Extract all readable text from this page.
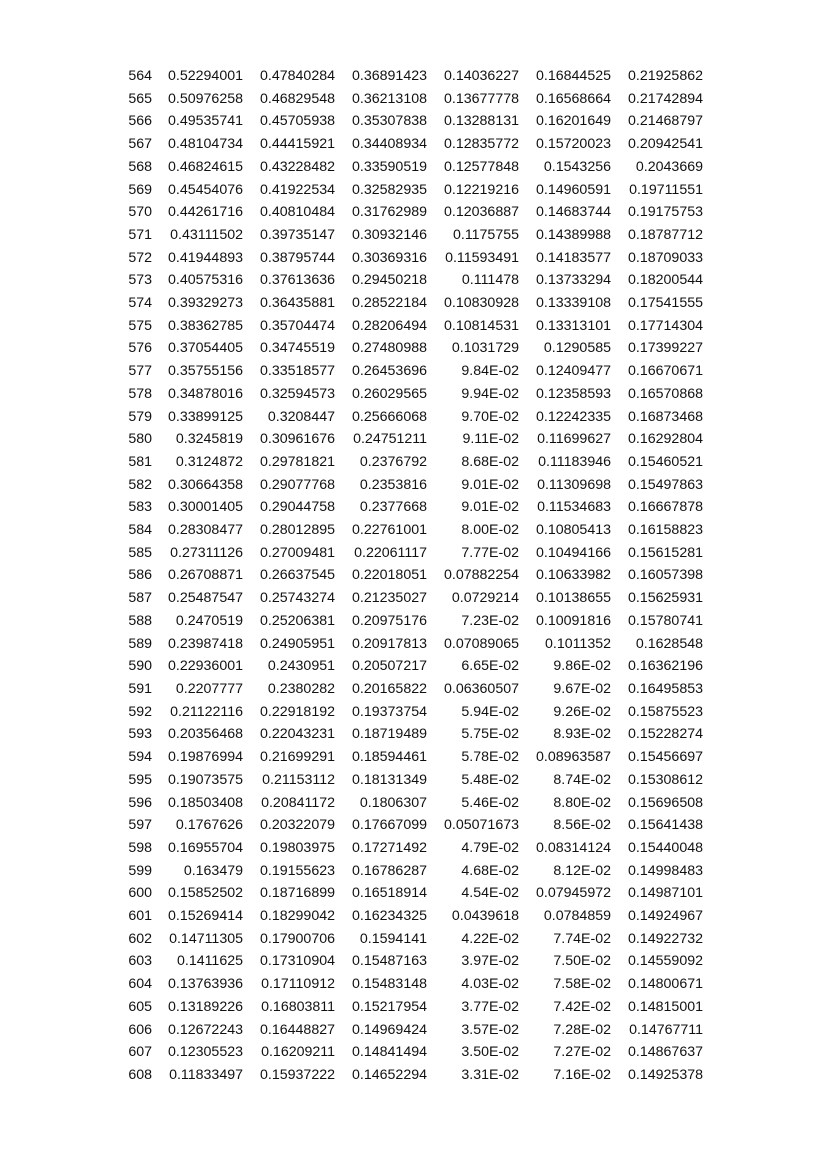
564	0.52294001	0.47840284	0.36891423	0.14036227	0.16844525	0.21925862
565	0.50976258	0.46829548	0.36213108	0.13677778	0.16568664	0.21742894
566	0.49535741	0.45705938	0.35307838	0.13288131	0.16201649	0.21468797
567	0.48104734	0.44415921	0.34408934	0.12835772	0.15720023	0.20942541
568	0.46824615	0.43228482	0.33590519	0.12577848	0.1543256	0.2043669
569	0.45454076	0.41922534	0.32582935	0.12219216	0.14960591	0.19711551
570	0.44261716	0.40810484	0.31762989	0.12036887	0.14683744	0.19175753
571	0.43111502	0.39735147	0.30932146	0.1175755	0.14389988	0.18787712
572	0.41944893	0.38795744	0.30369316	0.11593491	0.14183577	0.18709033
573	0.40575316	0.37613636	0.29450218	0.111478	0.13733294	0.18200544
574	0.39329273	0.36435881	0.28522184	0.10830928	0.13339108	0.17541555
575	0.38362785	0.35704474	0.28206494	0.10814531	0.13313101	0.17714304
576	0.37054405	0.34745519	0.27480988	0.1031729	0.1290585	0.17399227
577	0.35755156	0.33518577	0.26453696	9.84E-02	0.12409477	0.16670671
578	0.34878016	0.32594573	0.26029565	9.94E-02	0.12358593	0.16570868
579	0.33899125	0.3208447	0.25666068	9.70E-02	0.12242335	0.16873468
580	0.3245819	0.30961676	0.24751211	9.11E-02	0.11699627	0.16292804
581	0.3124872	0.29781821	0.2376792	8.68E-02	0.11183946	0.15460521
582	0.30664358	0.29077768	0.2353816	9.01E-02	0.11309698	0.15497863
583	0.30001405	0.29044758	0.2377668	9.01E-02	0.11534683	0.16667878
584	0.28308477	0.28012895	0.22761001	8.00E-02	0.10805413	0.16158823
585	0.27311126	0.27009481	0.22061117	7.77E-02	0.10494166	0.15615281
586	0.26708871	0.26637545	0.22018051	0.07882254	0.10633982	0.16057398
587	0.25487547	0.25743274	0.21235027	0.0729214	0.10138655	0.15625931
588	0.2470519	0.25206381	0.20975176	7.23E-02	0.10091816	0.15780741
589	0.23987418	0.24905951	0.20917813	0.07089065	0.1011352	0.1628548
590	0.22936001	0.2430951	0.20507217	6.65E-02	9.86E-02	0.16362196
591	0.2207777	0.2380282	0.20165822	0.06360507	9.67E-02	0.16495853
592	0.21122116	0.22918192	0.19373754	5.94E-02	9.26E-02	0.15875523
593	0.20356468	0.22043231	0.18719489	5.75E-02	8.93E-02	0.15228274
594	0.19876994	0.21699291	0.18594461	5.78E-02	0.08963587	0.15456697
595	0.19073575	0.21153112	0.18131349	5.48E-02	8.74E-02	0.15308612
596	0.18503408	0.20841172	0.1806307	5.46E-02	8.80E-02	0.15696508
597	0.1767626	0.20322079	0.17667099	0.05071673	8.56E-02	0.15641438
598	0.16955704	0.19803975	0.17271492	4.79E-02	0.08314124	0.15440048
599	0.163479	0.19155623	0.16786287	4.68E-02	8.12E-02	0.14998483
600	0.15852502	0.18716899	0.16518914	4.54E-02	0.07945972	0.14987101
601	0.15269414	0.18299042	0.16234325	0.0439618	0.0784859	0.14924967
602	0.14711305	0.17900706	0.1594141	4.22E-02	7.74E-02	0.14922732
603	0.1411625	0.17310904	0.15487163	3.97E-02	7.50E-02	0.14559092
604	0.13763936	0.17110912	0.15483148	4.03E-02	7.58E-02	0.14800671
605	0.13189226	0.16803811	0.15217954	3.77E-02	7.42E-02	0.14815001
606	0.12672243	0.16448827	0.14969424	3.57E-02	7.28E-02	0.14767711
607	0.12305523	0.16209211	0.14841494	3.50E-02	7.27E-02	0.14867637
608	0.11833497	0.15937222	0.14652294	3.31E-02	7.16E-02	0.14925378
